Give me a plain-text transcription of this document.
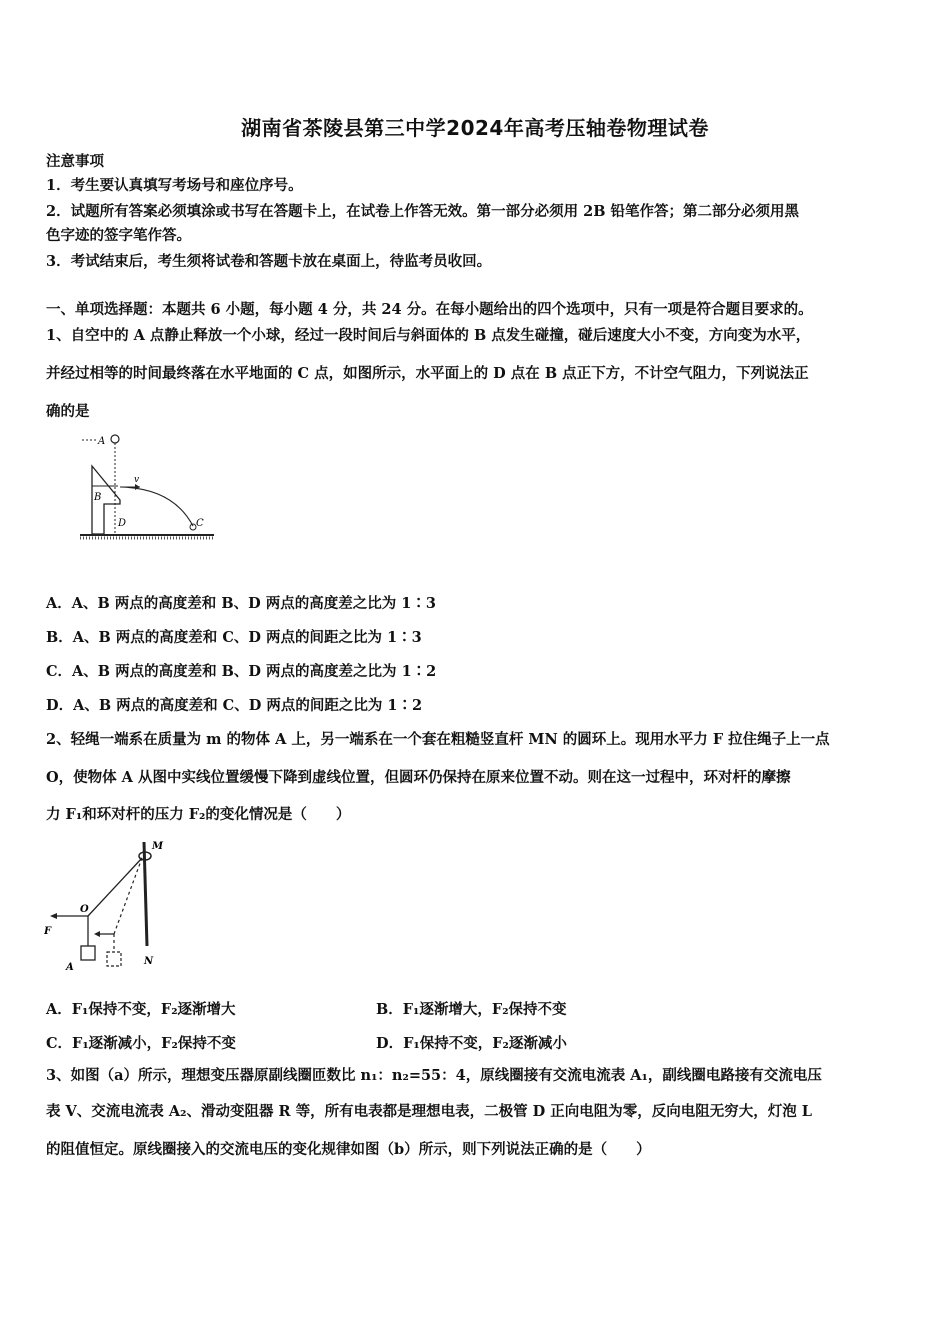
湖南省茶陵县第三中学2024年高考压轴卷物理试卷
注意事项
1．考生要认真填写考场号和座位序号。
2．试题所有答案必须填涂或书写在答题卡上，在试卷上作答无效。第一部分必须用 2B 铅笔作答；第二部分必须用黑
色字迹的签字笔作答。
3．考试结束后，考生须将试卷和答题卡放在桌面上，待监考员收回。
一、单项选择题：本题共 6 小题，每小题 4 分，共 24 分。在每小题给出的四个选项中，只有一项是符合题目要求的。
1、自空中的 A 点静止释放一个小球，经过一段时间后与斜面体的 B 点发生碰撞，碰后速度大小不变，方向变为水平，
并经过相等的时间最终落在水平地面的 C 点，如图所示，水平面上的 D 点在 B 点正下方，不计空气阻力，下列说法正
确的是
A
B
v
C
D
A．A、B 两点的高度差和 B、D 两点的高度差之比为 1∶3
B．A、B 两点的高度差和 C、D 两点的间距之比为 1∶3
C．A、B 两点的高度差和 B、D 两点的高度差之比为 1∶2
D．A、B 两点的高度差和 C、D 两点的间距之比为 1∶2
2、轻绳一端系在质量为 m 的物体 A 上，另一端系在一个套在粗糙竖直杆 MN 的圆环上。现用水平力 F 拉住绳子上一点
O，使物体 A 从图中实线位置缓慢下降到虚线位置，但圆环仍保持在原来位置不动。则在这一过程中，环对杆的摩擦
力 F₁和环对杆的压力 F₂的变化情况是（　　）
M
N
O
F
A
A．F₁保持不变，F₂逐渐增大	B．F₁逐渐增大，F₂保持不变
C．F₁逐渐减小，F₂保持不变	D．F₁保持不变，F₂逐渐减小
3、如图（a）所示，理想变压器原副线圈匝数比 n₁：n₂=55：4，原线圈接有交流电流表 A₁，副线圈电路接有交流电压
表 V、交流电流表 A₂、滑动变阻器 R 等，所有电表都是理想电表，二极管 D 正向电阻为零，反向电阻无穷大，灯泡 L
的阻值恒定。原线圈接入的交流电压的变化规律如图（b）所示，则下列说法正确的是（　　）
